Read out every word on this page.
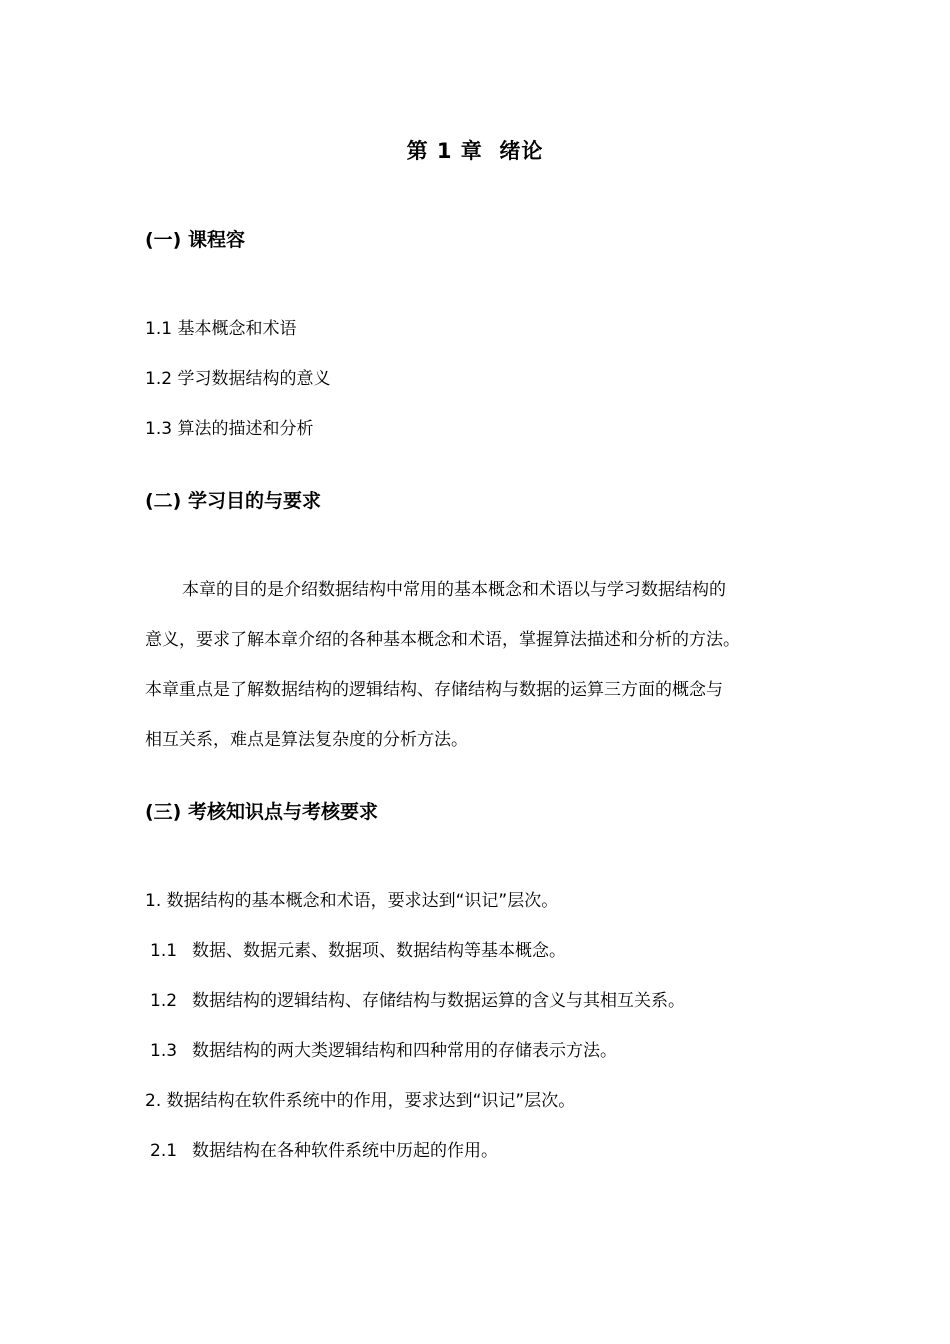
第 1 章  绪论
(一) 课程容
1.1 基本概念和术语
1.2 学习数据结构的意义
1.3 算法的描述和分析
(二) 学习目的与要求
本章的目的是介绍数据结构中常用的基本概念和术语以与学习数据结构的
意义，要求了解本章介绍的各种基本概念和术语，掌握算法描述和分析的方法。
本章重点是了解数据结构的逻辑结构、存储结构与数据的运算三方面的概念与
相互关系，难点是算法复杂度的分析方法。
(三) 考核知识点与考核要求
1. 数据结构的基本概念和术语，要求达到“识记”层次。
1.1 数据、数据元素、数据项、数据结构等基本概念。
1.2 数据结构的逻辑结构、存储结构与数据运算的含义与其相互关系。
1.3 数据结构的两大类逻辑结构和四种常用的存储表示方法。
2. 数据结构在软件系统中的作用，要求达到“识记”层次。
2.1 数据结构在各种软件系统中历起的作用。
